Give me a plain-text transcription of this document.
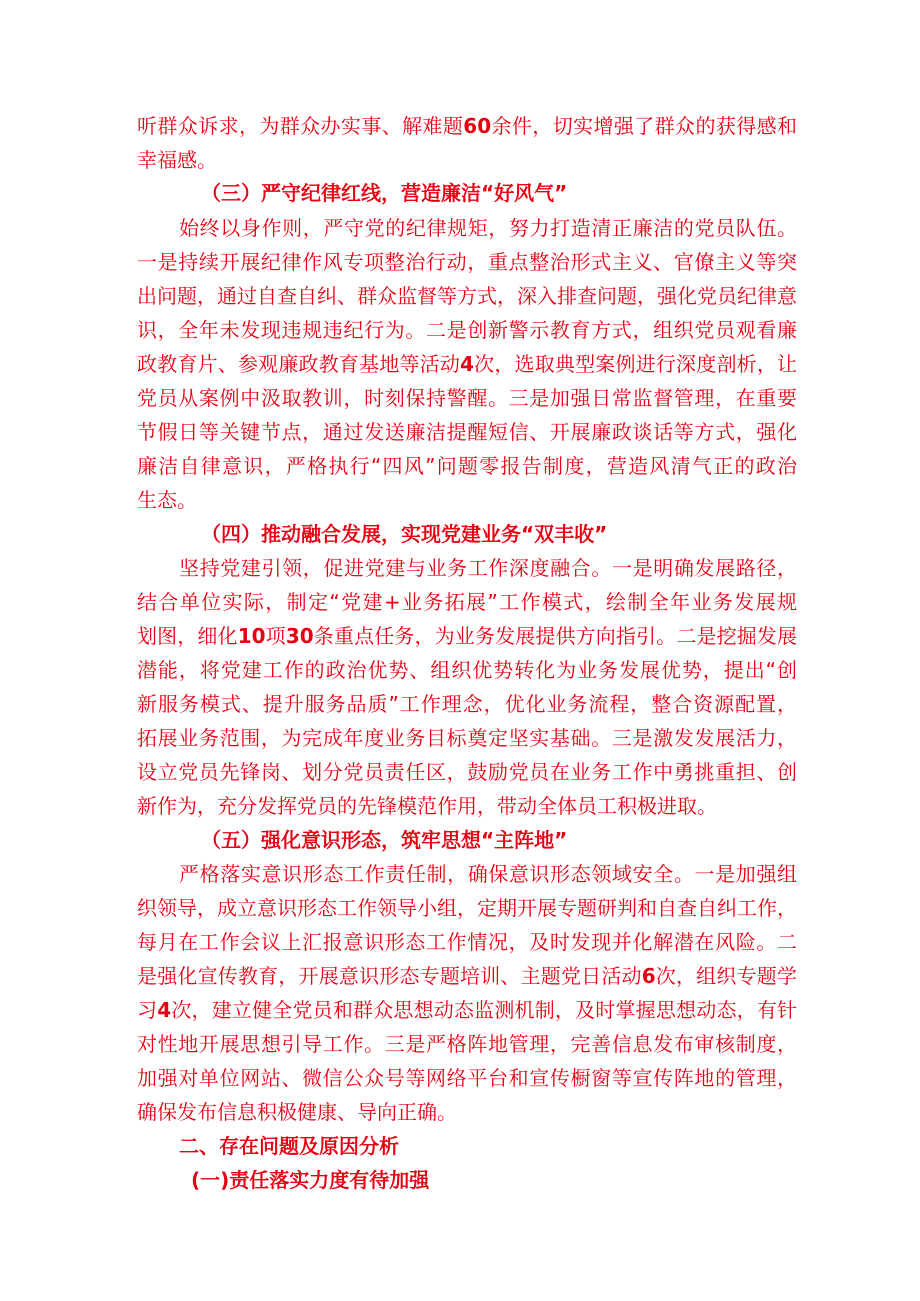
听群众诉求，为群众办实事、解难题60余件，切实增强了群众的获得感和
幸福感。
（三）严守纪律红线，营造廉洁“好风气”
始终以身作则，严守党的纪律规矩，努力打造清正廉洁的党员队伍。
一是持续开展纪律作风专项整治行动，重点整治形式主义、官僚主义等突
出问题，通过自查自纠、群众监督等方式，深入排查问题，强化党员纪律意
识，全年未发现违规违纪行为。二是创新警示教育方式，组织党员观看廉
政教育片、参观廉政教育基地等活动4次，选取典型案例进行深度剖析，让
党员从案例中汲取教训，时刻保持警醒。三是加强日常监督管理，在重要
节假日等关键节点，通过发送廉洁提醒短信、开展廉政谈话等方式，强化
廉洁自律意识，严格执行“四风”问题零报告制度，营造风清气正的政治
生态。
（四）推动融合发展，实现党建业务“双丰收”
坚持党建引领，促进党建与业务工作深度融合。一是明确发展路径，
结合单位实际，制定“党建+业务拓展”工作模式，绘制全年业务发展规
划图，细化10项30条重点任务，为业务发展提供方向指引。二是挖掘发展
潜能，将党建工作的政治优势、组织优势转化为业务发展优势，提出“创
新服务模式、提升服务品质”工作理念，优化业务流程，整合资源配置，
拓展业务范围，为完成年度业务目标奠定坚实基础。三是激发发展活力，
设立党员先锋岗、划分党员责任区，鼓励党员在业务工作中勇挑重担、创
新作为，充分发挥党员的先锋模范作用，带动全体员工积极进取。
（五）强化意识形态，筑牢思想“主阵地”
严格落实意识形态工作责任制，确保意识形态领域安全。一是加强组
织领导，成立意识形态工作领导小组，定期开展专题研判和自查自纠工作，
每月在工作会议上汇报意识形态工作情况，及时发现并化解潜在风险。二
是强化宣传教育，开展意识形态专题培训、主题党日活动6次，组织专题学
习4次，建立健全党员和群众思想动态监测机制，及时掌握思想动态，有针
对性地开展思想引导工作。三是严格阵地管理，完善信息发布审核制度，
加强对单位网站、微信公众号等网络平台和宣传橱窗等宣传阵地的管理，
确保发布信息积极健康、导向正确。
二、存在问题及原因分析
(一)责任落实力度有待加强
